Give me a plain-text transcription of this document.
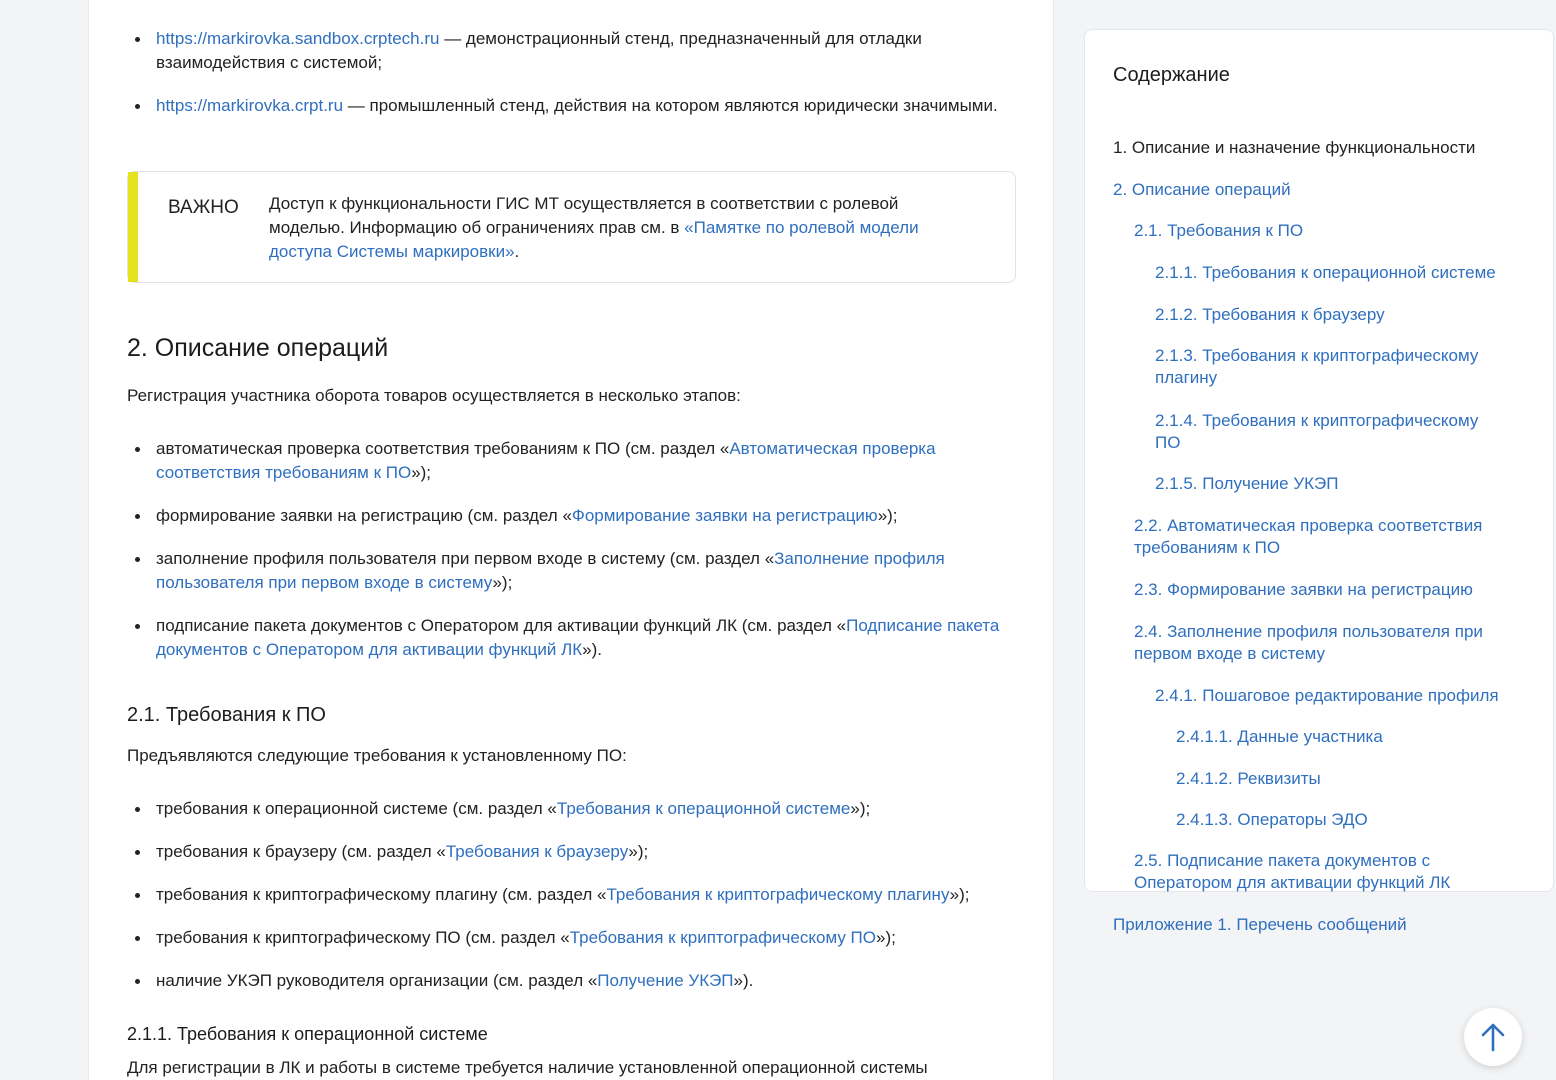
https://markirovka.sandbox.crptech.ru — демонстрационный стенд, предназначенный для отладки взаимодействия с системой;
https://markirovka.crpt.ru — промышленный стенд, действия на котором являются юридически значимыми.
ВАЖНО Доступ к функциональности ГИС МТ осуществляется в соответствии с ролевой моделью. Информацию об ограничениях прав см. в «Памятке по ролевой модели доступа Системы маркировки».
2. Описание операций

Регистрация участника оборота товаров осуществляется в несколько этапов:

автоматическая проверка соответствия требованиям к ПО (см. раздел «Автоматическая проверка соответствия требованиям к ПО»);
формирование заявки на регистрацию (см. раздел «Формирование заявки на регистрацию»);
заполнение профиля пользователя при первом входе в систему (см. раздел «Заполнение профиля пользователя при первом входе в систему»);
подписание пакета документов с Оператором для активации функций ЛК (см. раздел «Подписание пакета документов с Оператором для активации функций ЛК»).
2.1. Требования к ПО

Предъявляются следующие требования к установленному ПО:

требования к операционной системе (см. раздел «Требования к операционной системе»);
требования к браузеру (см. раздел «Требования к браузеру»);
требования к криптографическому плагину (см. раздел «Требования к криптографическому плагину»);
требования к криптографическому ПО (см. раздел «Требования к криптографическому ПО»);
наличие УКЭП руководителя организации (см. раздел «Получение УКЭП»).
2.1.1. Требования к операционной системе

Для регистрации в ЛК и работы в системе требуется наличие установленной операционной системы

Содержание
1. Описание и назначение функциональности
2. Описание операций
2.1. Требования к ПО
2.1.1. Требования к операционной системе
2.1.2. Требования к браузеру
2.1.3. Требования к криптографическому плагину
2.1.4. Требования к криптографическому ПО
2.1.5. Получение УКЭП
2.2. Автоматическая проверка соответствия требованиям к ПО
2.3. Формирование заявки на регистрацию
2.4. Заполнение профиля пользователя при первом входе в систему
2.4.1. Пошаговое редактирование профиля
2.4.1.1. Данные участника
2.4.1.2. Реквизиты
2.4.1.3. Операторы ЭДО
2.5. Подписание пакета документов с Оператором для активации функций ЛК
Приложение 1. Перечень сообщений
